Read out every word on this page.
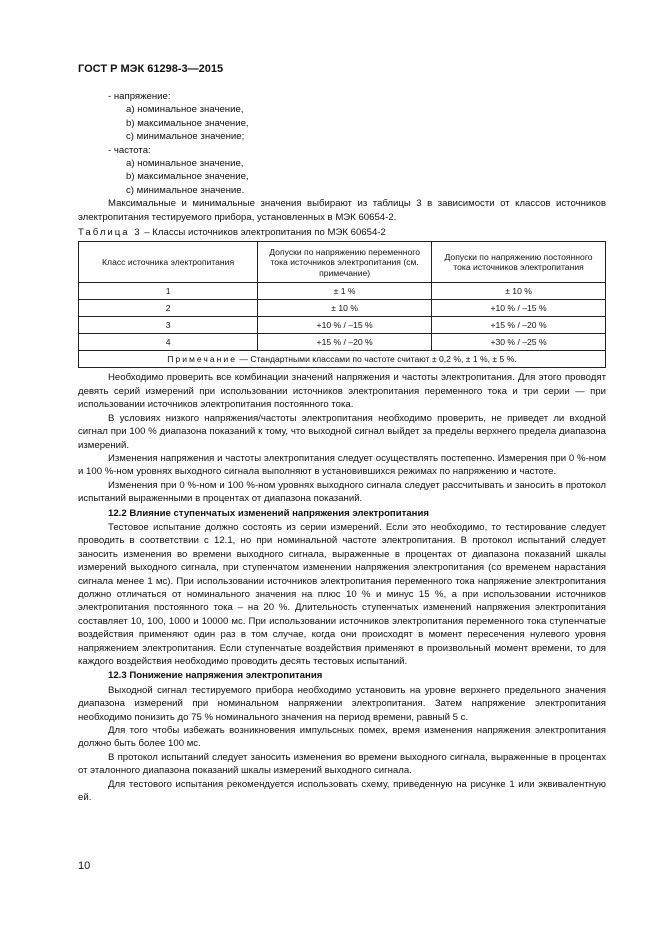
ГОСТ Р МЭК 61298-3—2015

- напряжение:

a) номинальное значение,

b) максимальное значение,

c) минимальное значение;

- частота:

a) номинальное значение,

b) максимальное значение,

c) минимальное значение.

Максимальные и минимальные значения выбирают из таблицы 3 в зависимости от классов источников электропитания тестируемого прибора, установленных в МЭК 60654-2.

Таблица 3 – Классы источников электропитания по МЭК 60654-2
Класс источника электропитания	Допуски по напряжению переменного тока источников электропитания (см. примечание)	Допуски по напряжению постоянного тока источников электропитания
1	± 1 %	± 10 %
2	± 10 %	+10 % / –15 %
3	+10 % / –15 %	+15 % / –20 %
4	+15 % / –20 %	+30 % / –25 %
Примечание — Стандартными классами по частоте считают ± 0,2 %, ± 1 %, ± 5 %.		

Необходимо проверить все комбинации значений напряжения и частоты электропитания. Для этого проводят девять серий измерений при использовании источников электропитания переменного тока и три серии — при использовании источников электропитания постоянного тока.

В условиях низкого напряжения/частоты электропитания необходимо проверить, не приведет ли входной сигнал при 100 % диапазона показаний к тому, что выходной сигнал выйдет за пределы верхнего предела диапазона измерений.

Изменения напряжения и частоты электропитания следует осуществлять постепенно. Измерения при 0 %-ном и 100 %-ном уровнях выходного сигнала выполняют в установившихся режимах по напряжению и частоте.

Изменения при 0 %-ном и 100 %-ном уровнях выходного сигнала следует рассчитывать и заносить в протокол испытаний выраженными в процентах от диапазона показаний.

12.2 Влияние ступенчатых изменений напряжения электропитания

Тестовое испытание должно состоять из серии измерений. Если это необходимо, то тестирование следует проводить в соответствии с 12.1, но при номинальной частоте электропитания. В протокол испытаний следует заносить изменения во времени выходного сигнала, выраженные в процентах от диапазона показаний шкалы измерений выходного сигнала, при ступенчатом изменении напряжения электропитания (со временем нарастания сигнала менее 1 мс). При использовании источников электропитания переменного тока напряжение электропитания должно отличаться от номинального значения на плюс 10 % и минус 15 %, а при использовании источников электропитания постоянного тока – на 20 %. Длительность ступенчатых изменений напряжения электропитания составляет 10, 100, 1000 и 10000 мс. При использовании источников электропитания переменного тока ступенчатые воздействия применяют один раз в том случае, когда они происходят в момент пересечения нулевого уровня напряжением электропитания. Если ступенчатые воздействия применяют в произвольный момент времени, то для каждого воздействия необходимо проводить десять тестовых испытаний.

12.3 Понижение напряжения электропитания

Выходной сигнал тестируемого прибора необходимо установить на уровне верхнего предельного значения диапазона измерений при номинальном напряжении электропитания. Затем напряжение электропитания необходимо понизить до 75 % номинального значения на период времени, равный 5 с.

Для того чтобы избежать возникновения импульсных помех, время изменения напряжения электропитания должно быть более 100 мс.

В протокол испытаний следует заносить изменения во времени выходного сигнала, выраженные в процентах от эталонного диапазона показаний шкалы измерений выходного сигнала.

Для тестового испытания рекомендуется использовать схему, приведенную на рисунке 1 или эквивалентную ей.

10
